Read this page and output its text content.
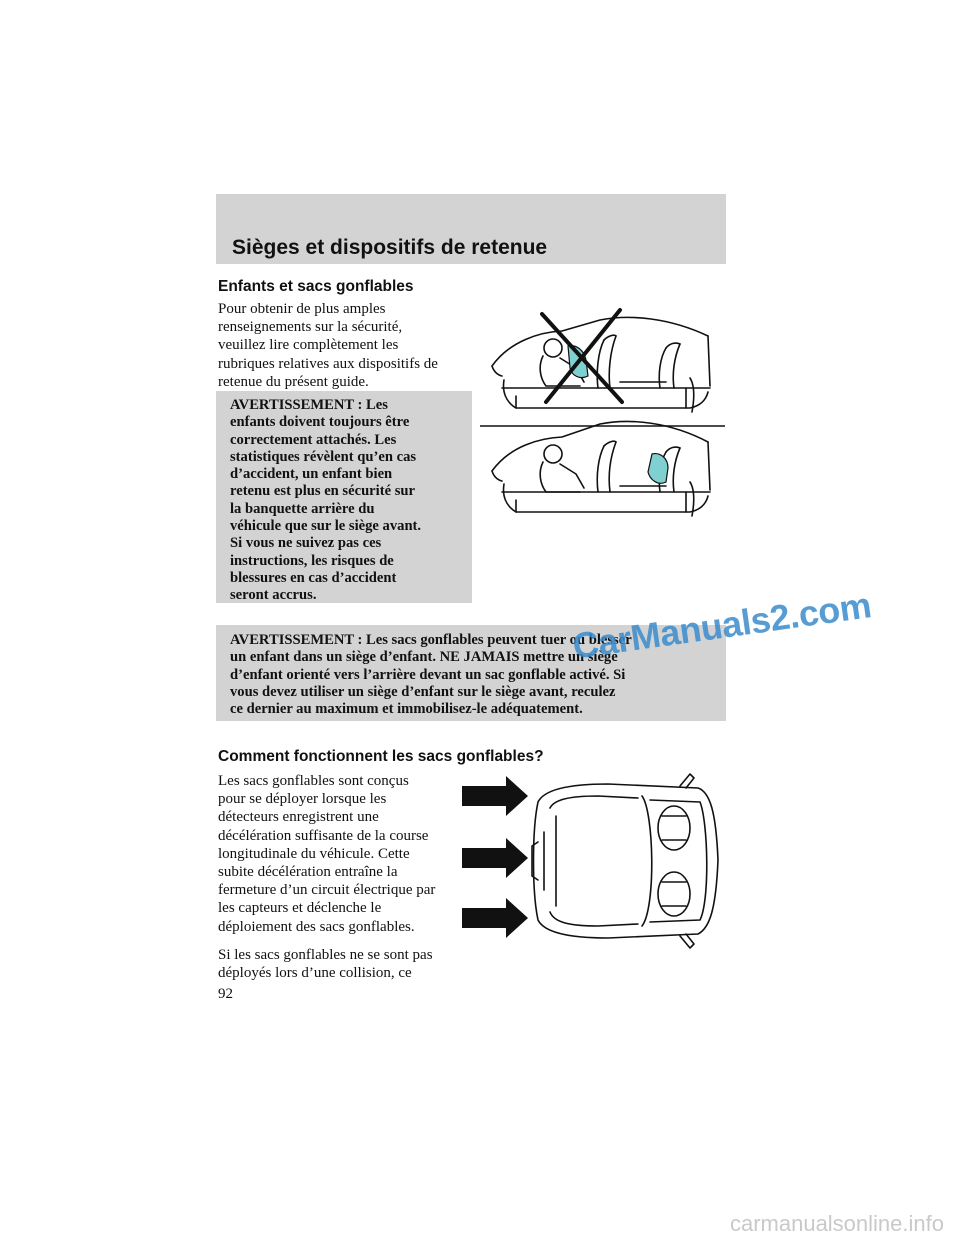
Sièges et dispositifs de retenue
Enfants et sacs gonflables

Pour obtenir de plus amples

renseignements sur la sécurité,

veuillez lire complètement les

rubriques relatives aux dispositifs de

retenue du présent guide.

AVERTISSEMENT : Les
enfants doivent toujours être
correctement attachés. Les
statistiques révèlent qu’en cas
d’accident, un enfant bien
retenu est plus en sécurité sur
la banquette arrière du
véhicule que sur le siège avant.
Si vous ne suivez pas ces
instructions, les risques de
blessures en cas d’accident
seront accrus.
AVERTISSEMENT : Les sacs gonflables peuvent tuer ou blesser
un enfant dans un siège d’enfant. NE JAMAIS mettre un siège
d’enfant orienté vers l’arrière devant un sac gonflable activé. Si
vous devez utiliser un siège d’enfant sur le siège avant, reculez
ce dernier au maximum et immobilisez-le adéquatement.
CarManuals2.com
Comment fonctionnent les sacs gonflables?

Les sacs gonflables sont conçus

pour se déployer lorsque les

détecteurs enregistrent une

décélération suffisante de la course

longitudinale du véhicule. Cette

subite décélération entraîne la

fermeture d’un circuit électrique par

les capteurs et déclenche le

déploiement des sacs gonflables.

Si les sacs gonflables ne se sont pas

déployés lors d’une collision, ce

92
carmanualsonline.info
